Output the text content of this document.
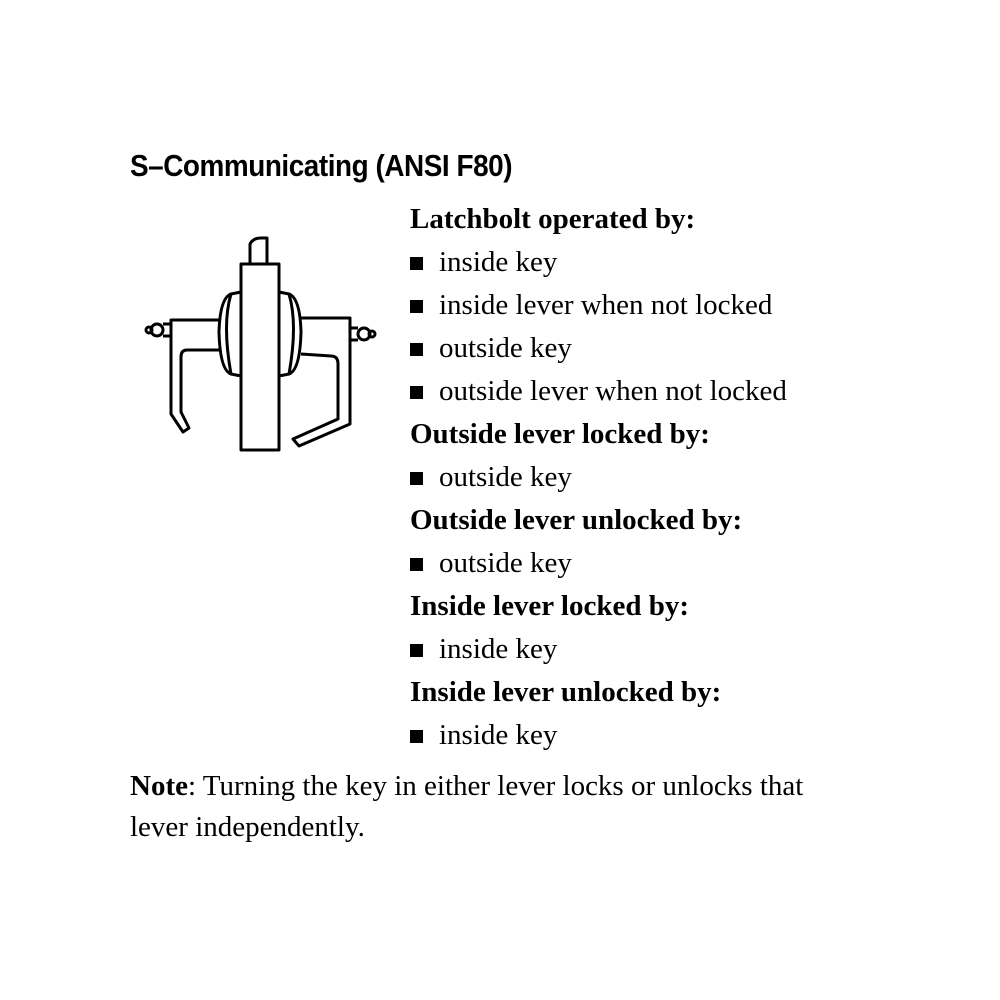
S–Communicating (ANSI F80)
Latchbolt operated by:
inside key
inside lever when not locked
outside key
outside lever when not locked
Outside lever locked by:
outside key
Outside lever unlocked by:
outside key
Inside lever locked by:
inside key
Inside lever unlocked by:
inside key
Note: Turning the key in either lever locks or unlocks that lever independently.
